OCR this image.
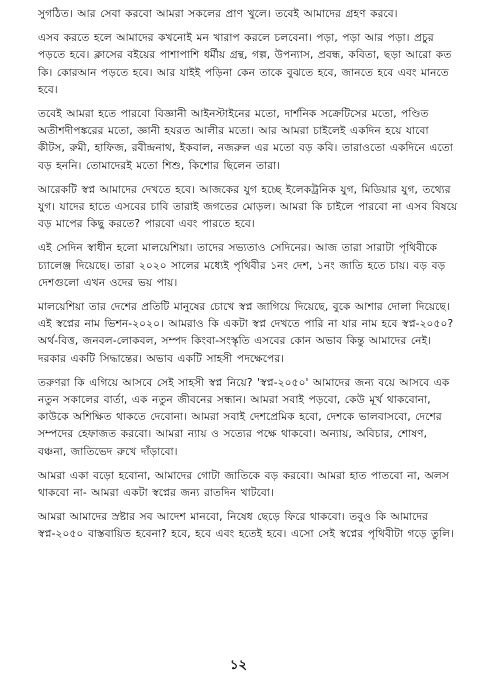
সুগঠিত। আর সেবা করবো আমরা সকলের প্রাণ খুলে। তবেই আমাদের গ্রহণ করবে।

এসব করতে হলে আমাদের কখনোই মন খারাপ করলে চলবেনা। পড়া, পড়া আর পড়া। প্রচুর পড়তে হবে। ক্লাসের বইয়ের পাশাপাশি ধর্মীয় গ্রন্থ, গল্প, উপন্যাস, প্রবন্ধ, কবিতা, ছড়া আরো কত কি। কোরআন পড়তে হবে। আর যাইই পড়িনা কেন তাকে বুঝতে হবে, জানতে হবে এবং মানতে হবে।

তবেই আমরা হতে পারবো বিজ্ঞানী আইনস্টাইনের মতো, দার্শনিক সক্রেটিসের মতো, পণ্ডিত অতীশদীপঙ্করের মতো, জ্ঞানী হযরত আলীর মতো। আর আমরা চাইলেই একদিন হয়ে যাবো কীটস, রুমী, হাফিজ, রবীন্দ্রনাথ, ইকবাল, নজরুল এর মতো বড় কবি। তারাওতো একদিনে এতো বড় হননি। তোমাদেরই মতো শিশু, কিশোর ছিলেন তারা।

আরেকটি স্বপ্ন আমাদের দেখতে হবে। আজকের যুগ হচ্ছে ইলেকট্রনিক যুগ, মিডিয়ার যুগ, তথ্যের যুগ। যাদের হাতে এসবের চাবি তারাই জগতের মোড়ল। আমরা কি চাইলে পারবো না এসব বিষয়ে বড় মাপের কিছু করতে? পারবো এবং পারতে হবে।

এই সেদিন স্বাধীন হলো মালয়েশিয়া। তাদের সভ্যতাও সেদিনের। আজ তারা সারাটা পৃথিবীকে চ্যালেঞ্জ দিয়েছে। তারা ২০২০ সালের মধ্যেই পৃথিবীর ১নং দেশ, ১নং জাতি হতে চায়। বড় বড় দেশগুলো এখন ওদের ভয় পায়।

মালয়েশিয়া তার দেশের প্রতিটি মানুষের চোখে স্বপ্ন জাগিয়ে দিয়েছে, বুকে আশার দোলা দিয়েছে। এই স্বপ্নের নাম ভিশন-২০২০। আমরাও কি একটা স্বপ্ন দেখতে পারি না যার নাম হবে স্বপ্ন-২০৫০? অর্থ-বিত্ত, জনবল-লোকবল, সম্পদ কিংবা-সংস্কৃতি এসবের কোন অভাব কিন্তু আমাদের নেই। দরকার একটি সিদ্ধান্তের। অভাব একটি সাহসী পদক্ষেপের।

তরুণরা কি এগিয়ে আসবে সেই সাহসী স্বপ্ন নিয়ে? 'স্বপ্ন-২০৫০' আমাদের জন্য বয়ে আসবে এক নতুন সকালের বার্তা, এক নতুন জীবনের সন্ধান। আমরা সবাই পড়বো, কেউ মূর্খ থাকবোনা, কাউকে অশিক্ষিত থাকতে দেবোনা। আমরা সবাই দেশপ্রেমিক হবো, দেশকে ভালবাসবো, দেশের সম্পদের হেফাজত করবো। আমরা ন্যায় ও সত্যের পক্ষে থাকবো। অন্যায়, অবিচার, শোষণ, বঞ্চনা, জাতিভেদ রুখে দাঁড়াবো।

আমরা একা বড়ো হবোনা, আমাদের গোটা জাতিকে বড় করবো। আমরা হাত পাতবো না, অলস থাকবো না- আমরা একটা স্বপ্নের জন্য রাতদিন খাটবো।

আমরা আমাদের স্রষ্টার সব আদেশ মানবো, নিষেধ ছেড়ে ফিরে থাকবো। তবুও কি আমাদের স্বপ্ন-২০৫০ বাস্তবায়িত হবেনা? হবে, হবে এবং হতেই হবে। এসো সেই স্বপ্নের পৃথিবীটা গড়ে তুলি।

১২
